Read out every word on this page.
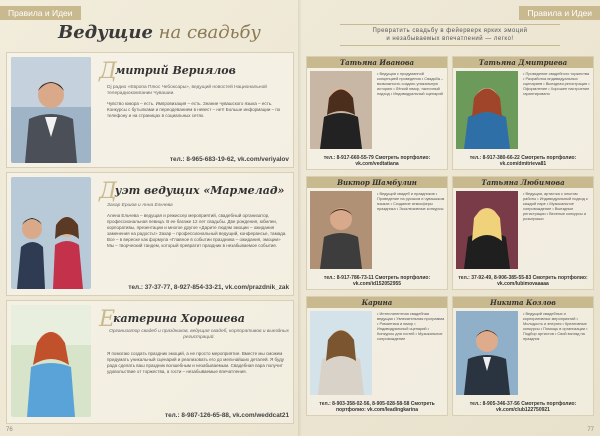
Правила и Идеи
Ведущие на свадьбу
Дмитрий Вериялов
Dj радио «Европа Плюс Чебоксары», ведущий новостей Национальной телерадиокомпании Чувашии.
Чувство юмора – есть. Импровизация – есть. Знание чувашского языка – есть. Конкурсы с бутылками и переодеванием в невест – нет! Больше информации – по телефону и на страницах в социальных сетях.
тел.: 8-965-683-19-62, vk.com/veriyalov
Дуэт ведущих «Мармелад»
Захар Ершов и Анна Ельчева
Алена Ельчева – ведущая и режиссер мероприятий, свадебный организатор, профессиональная певица. В ее багаже 12 лет свадьбы. Две рождения, юбилеи, корпоративы, презентации и многое другое «Дарите людям эмоции – ожидания заменения на радость!» Захар – профессиональный ведущий, конферансье, тамада. Все – в вереске как формула «Главное в событии праздника – ожидания, эмоции» Мы – творческий тандем, который превратит праздник в незабываемое событие.
тел.: 37-37-77, 8-927-854-33-21, vk.com/prazdnik_zak
Екатерина Хорошева
Организатор свадеб и праздников, ведущая свадеб, корпоративов и выездных регистраций.
Я помогаю создать праздник эмоций, а не просто мероприятие. Вместе мы сможем придумать уникальный сценарий и реализовать его до мельчайших деталей. Я буду рада сделать ваш праздник волшебным и незабываемым. Свадебная пара получит удовольствие от торжества, а гости – незабываемые впечатления.
тел.: 8-987-126-65-88, vk.com/weddcat21
76
Правила и Идеи
Превратить свадьбу в фейерверк ярких эмоций
и незабываемых впечатлений — легко!
Татьяна Иванова
• Ведущая с продуманной концепцией проведения • Свадьба – возможность создать уникальную историю • Лёгкий юмор, тактичный подход • Индивидуальный сценарий
тел.: 8-917-660-55-79 Смотреть портфолио: vk.com/vedtatiana
Татьяна Дмитриева
• Проведение свадебного торжества • Разработка индивидуальных сценариев • Выездная регистрация • Оформление • Хорошее настроение гарантировано
тел.: 8-917-380-66-22 Смотреть портфолио: vk.com/dmitrieva81
Виктор Шамбулин
• Ведущий свадеб и праздников • Проведение на русском и чувашском языках • Создание атмосферы праздника • Эксклюзивные конкурсы
тел.: 8-917-786-73-11 Смотреть портфолио: vk.com/id152052955
Татьяна Любимова
• Ведущая, артистка с опытом работы • Индивидуальный подход к каждой паре • Музыкальное сопровождение • Выездные регистрации • Веселые конкурсы и розыгрыши
тел.: 37-92-49, 8-906-385-55-83 Смотреть портфолио: vk.com/lubimovaaaaa
Карина
• Интеллигентная свадебная ведущая • Увлекательная программа • Романтика и юмор • Индивидуальный сценарий • Конкурсы для гостей • Музыкальное сопровождение
тел.: 8-903-358-02-56, 8-905-028-58-58 Смотреть портфолио: vk.com/leadingkarina
Никита Козлов
• Ведущий свадебных и корпоративных мероприятий • Молодость и энергия • Креативные конкурсы • Помощь в организации • Подбор артистов • Свой взгляд на праздник
тел.: 8-905-346-37-56 Смотреть портфолио: vk.com/club122750921
77
